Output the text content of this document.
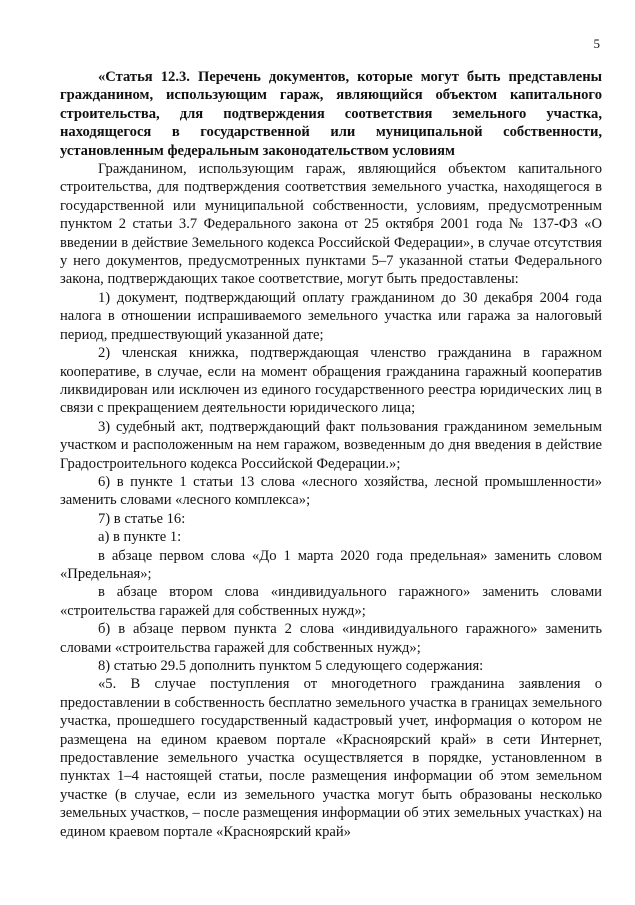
5

«Статья 12.3. Перечень документов, которые могут быть представлены гражданином, использующим гараж, являющийся объектом капитального строительства, для подтверждения соответствия земельного участка, находящегося в государственной или муниципальной собственности, установленным федеральным законодательством условиям

Гражданином, использующим гараж, являющийся объектом капитального строительства, для подтверждения соответствия земельного участка, находящегося в государственной или муниципальной собственности, условиям, предусмотренным пунктом 2 статьи 3.7 Федерального закона от 25 октября 2001 года № 137-ФЗ «О введении в действие Земельного кодекса Российской Федерации», в случае отсутствия у него документов, предусмотренных пунктами 5–7 указанной статьи Федерального закона, подтверждающих такое соответствие, могут быть предоставлены:

1) документ, подтверждающий оплату гражданином до 30 декабря 2004 года налога в отношении испрашиваемого земельного участка или гаража за налоговый период, предшествующий указанной дате;

2) членская книжка, подтверждающая членство гражданина в гаражном кооперативе, в случае, если на момент обращения гражданина гаражный кооператив ликвидирован или исключен из единого государственного реестра юридических лиц в связи с прекращением деятельности юридического лица;

3) судебный акт, подтверждающий факт пользования гражданином земельным участком и расположенным на нем гаражом, возведенным до дня введения в действие Градостроительного кодекса Российской Федерации.»;

6) в пункте 1 статьи 13 слова «лесного хозяйства, лесной промышленности» заменить словами «лесного комплекса»;

7) в статье 16:

а) в пункте 1:

в абзаце первом слова «До 1 марта 2020 года предельная» заменить словом «Предельная»;

в абзаце втором слова «индивидуального гаражного» заменить словами «строительства гаражей для собственных нужд»;

б) в абзаце первом пункта 2 слова «индивидуального гаражного» заменить словами «строительства гаражей для собственных нужд»;

8) статью 29.5 дополнить пунктом 5 следующего содержания:

«5. В случае поступления от многодетного гражданина заявления о предоставлении в собственность бесплатно земельного участка в границах земельного участка, прошедшего государственный кадастровый учет, информация о котором не размещена на едином краевом портале «Красноярский край» в сети Интернет, предоставление земельного участка осуществляется в порядке, установленном в пунктах 1–4 настоящей статьи, после размещения информации об этом земельном участке (в случае, если из земельного участка могут быть образованы несколько земельных участков, – после размещения информации об этих земельных участках) на едином краевом портале «Красноярский край»
